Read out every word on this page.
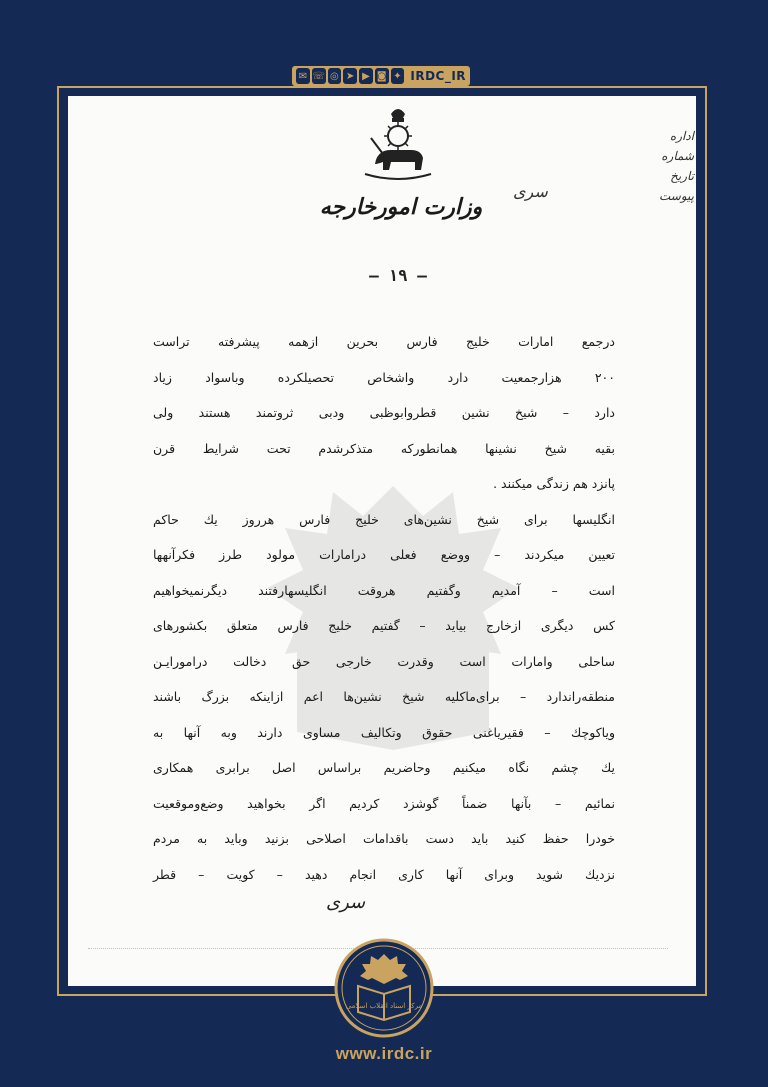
✉ ☏ ◎ ➤ ▶ ◙ ✦ IRDC_IR
اداره
شماره
تاریخ
پیوست
سری
وزارت امورخارجه
– ۱۹ –
درجمع امارات خلیج فارس بحرین ازهمه پیشرفته تراست
۲۰۰ هزارجمعیت دارد واشخاص تحصیلکرده وباسواد زیاد
دارد – شیخ نشین قطروابوظبی ودبی ثروتمند هستند ولی
بقیه شیخ نشینها همانطورکه متذکرشدم تحت شرایط قرن
پانزد هم زندگی میکنند .
انگلیسها برای شیخ نشین‌های خلیج فارس هرروز یك حاکم
تعیین میکردند – ووضع فعلی درامارات مولود طرز فکرآنهها
است – آمدیم وگفتیم هروقت انگلیسهارفتند دیگرنمیخواهیم
کس دیگری ازخارج بیاید – گفتیم خلیج فارس متعلق بکشورهای
ساحلی وامارات است وقدرت خارجی حق دخالت درامورایـن
منطقه‌راندارد – برای‌ماکلیه شیخ نشین‌ها اعم ازاینکه بزرگ باشند
ویاکوچك – فقیریاغنی حقوق وتکالیف مساوی دارند وبه آنها به
یك چشم نگاه میکنیم وحاضریم براساس اصل برابری همکاری
نمائیم – بآنها ضمناً گوشزد کردیم اگر بخواهید وضع‌وموقعیت
خودرا حفظ کنید باید دست باقدامات اصلاحی بزنید وباید به مردم
نزدیك شوید وبرای آنها کاری انجام دهید – کویت – قطر
سری
مرکز اسناد انقلاب اسلامی
www.irdc.ir
